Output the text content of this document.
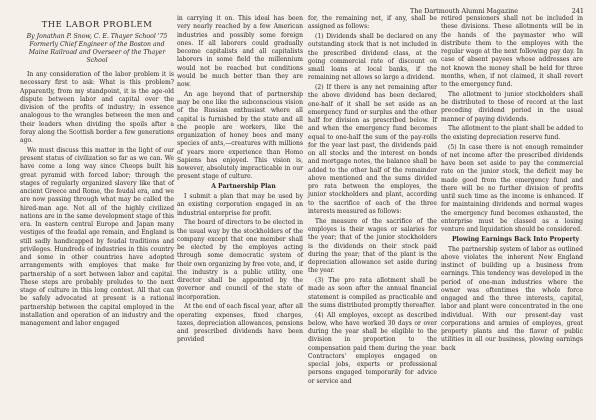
The Dartmouth Alumni Magazine	241
THE LABOR PROBLEM
By Jonathan P. Snow, C. E. Thayer School '75
Formerly Chief Engineer of the Boston and Maine Railroad and Overseer of the Thayer School

In any consideration of the labor problem it is necessary first to ask: What is this problem? Apparently, from my standpoint, it is the age-old dispute between labor and capital over the division of the profits of industry; in essence analogous to the wrangles between the men and their leaders when dividing the spoils after a foray along the Scottish border a few generations ago.

We must discuss this matter in the light of our present status of civilization so far as we can. We have come a long way since Cheops built his great pyramid with forced labor; through the stages of regularly organized slavery like that of ancient Greece and Rome, the feudal era, and we are now passing through what may be called the hired-man age. Not all of the highly civilized nations are in the same development stage of this era. In eastern central Europe and Japan many vestiges of the feudal age remain, and England is still sadly handicapped by feudal traditions and privileges. Hundreds of industries in this country and some in other countries have adopted arrangements with employes that make for partnership of a sort between labor and capital. These steps are probably preludes to the next stage of culture in this long contest. All that can be safely advocated at present is a rational partnership between the capital employed in the installation and operation of an industry and the management and labor engaged

in carrying it on. This ideal has been very nearly reached by a few American industries and possibly some foreign ones. If all laborers could gradually become capitalists and all capitalists laborers in some field the millennium would not be reached but conditions would be much better than they are now.

An age beyond that of partnership may be one like the subconscious vision of the Russian enthusiast where all capital is furnished by the state and all the people are workers, like the organization of honey bees and many species of ants,—creatures with millions of years more experience than Homo Sapiens has enjoyed. This vision is, however, absolutely impracticable in our present stage of culture.

A Partnership Plan

I submit a plan that may be used by an existing corporation engaged in an industrial enterprise for profit.

The board of directors to be elected in the usual way by the stockholders of the company except that one member shall be elected by the employes acting through some democratic system of their own organizing by free vote, and, if the industry is a public utility, one director shall be appointed by the governor and council of the state of incorporation.

At the end of each fiscal year, after all operating expenses, fixed charges, taxes, depreciation allowances, pensions and prescribed dividends have been provided

for, the remaining net, if any, shall be assigned as follows:

(1) Dividends shall be declared on any outstanding stock that is not included in the prescribed dividend class, at the going commercial rate of discount on small loans at local banks, if the remaining net allows so large a dividend.

(2) If there is any net remaining after the above dividend has been declared, one-half of it shall be set aside as an emergency fund or surplus and the other half for division as prescribed below. If and when the emergency fund becomes equal to one-half the sum of the pay-rolls for the year last past, the dividends paid on all stocks and the interest on bonds and mortgage notes, the balance shall be added to the other half of the remainder above mentioned and the sums divided pro rata between the employes, the junior stockholders and plant, according to the sacrifice of each of the three interests measured as follows:

The measure of the sacrifice of the employes is their wages or salaries for the year; that of the junior stockholders is the dividends on their stock paid during the year; that of the plant is the depreciation allowance set aside during the year.

(3) The pro rata allotment shall be made as soon after the annual financial statement is compiled as practicable and the sums distributed promptly thereafter.

(4) All employes, except as described below, who have worked 30 days or over during the year shall be eligible to the division in proportion to the compensation paid them during the year. Contractors' employes engaged on special jobs, experts or professional persons engaged temporarily for advice or service and

retired pensioners shall not be included in these divisions. These allotments will be in the hands of the paymaster who will distribute them to the employes with the regular wage at the next following pay day. In case of absent payees whose addresses are not known the money shall be held for three months, when, if not claimed, it shall revert to the emergency fund.

The allotment to junior stockholders shall be distributed to those of record at the last preceding dividend period in the usual manner of paying dividends.

The allotment to the plant shall be added to the existing depreciation reserve fund.

(5) In case there is not enough remainder of net income after the prescribed dividends have been set aside to pay the commercial rate on the junior stock, the deficit may be made good from the emergency fund and there will be no further division of profits until such time as the income is enhanced. If for maintaining dividends and normal wages the emergency fund becomes exhausted, the enterprise must be classed as a losing venture and liquidation should be considered.

Plowing Earnings Back Into Property

The partnership system of labor as outlined above violates the inherent New England instinct of building up a business from earnings. This tendency was developed in the period of one-man industries where the owner was oftentimes the whole force engaged and the three interests, capital, labor and plant were concentrated in the one individual. With our present-day vast corporations and armies of employes, great property plants and the flavor of public utilities in all our business, plowing earnings back
